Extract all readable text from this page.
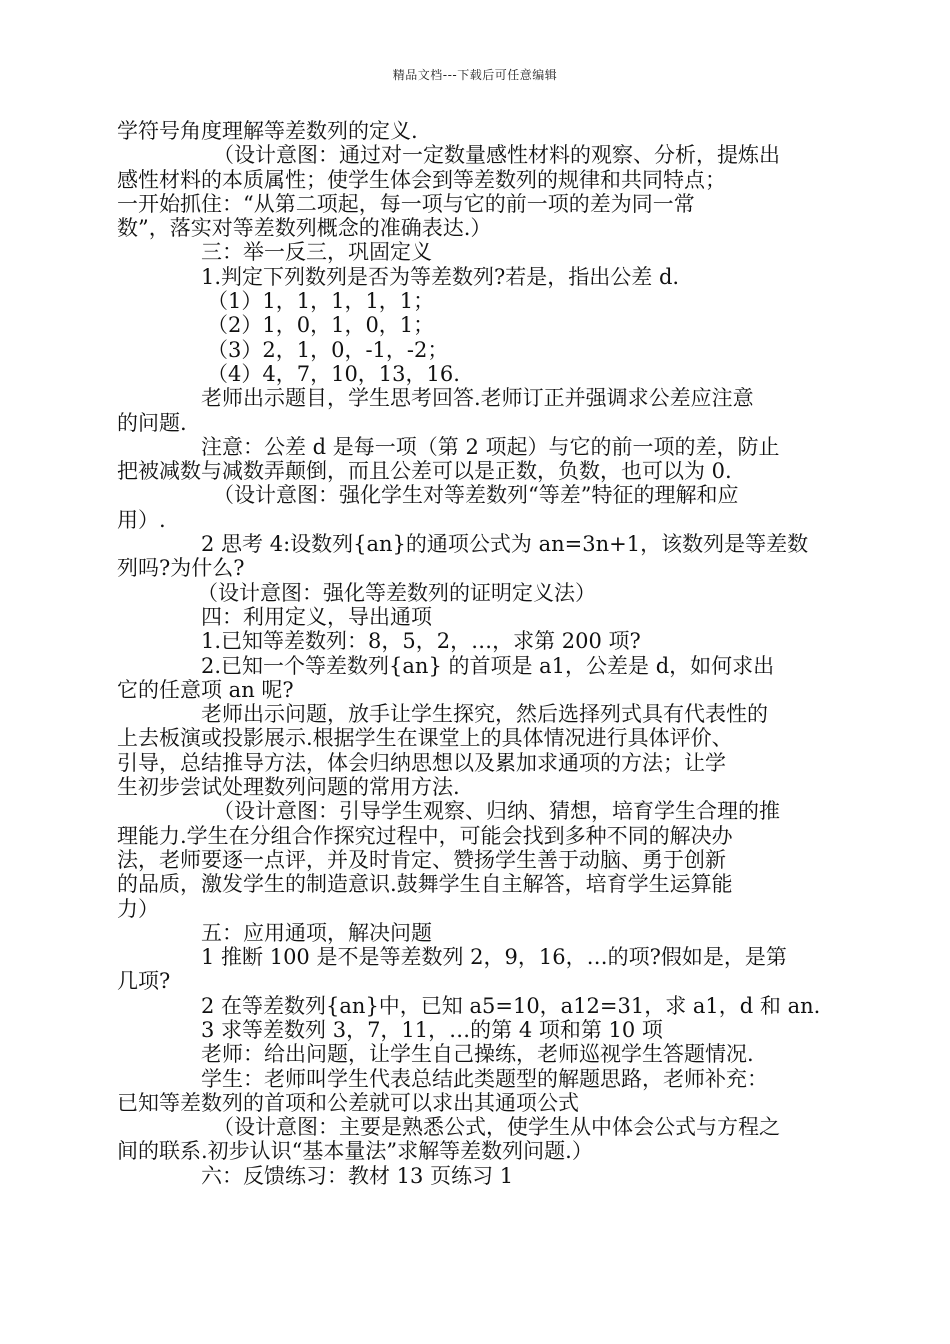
精品文档---下载后可任意编辑

学符号角度理解等差数列的定义.

（设计意图：通过对一定数量感性材料的观察、分析，提炼出

感性材料的本质属性；使学生体会到等差数列的规律和共同特点；

一开始抓住：“从第二项起，每一项与它的前一项的差为同一常

数”，落实对等差数列概念的准确表达.）

三：举一反三，巩固定义

1.判定下列数列是否为等差数列?若是，指出公差 d.

（1）1，1，1，1，1；

（2）1，0，1，0，1；

（3）2，1，0，-1，-2；

（4）4，7，10，13，16.

老师出示题目，学生思考回答.老师订正并强调求公差应注意

的问题.

注意：公差 d 是每一项（第 2 项起）与它的前一项的差，防止

把被减数与减数弄颠倒，而且公差可以是正数，负数，也可以为 0.

（设计意图：强化学生对等差数列“等差”特征的理解和应

用）.

2 思考 4:设数列{an}的通项公式为 an=3n+1，该数列是等差数

列吗?为什么?

（设计意图：强化等差数列的证明定义法）

四：利用定义，导出通项

1.已知等差数列：8，5，2，…，求第 200 项?

2.已知一个等差数列{an} 的首项是 a1，公差是 d，如何求出

它的任意项 an 呢?

老师出示问题，放手让学生探究，然后选择列式具有代表性的

上去板演或投影展示.根据学生在课堂上的具体情况进行具体评价、

引导，总结推导方法，体会归纳思想以及累加求通项的方法；让学

生初步尝试处理数列问题的常用方法.

（设计意图：引导学生观察、归纳、猜想，培育学生合理的推

理能力.学生在分组合作探究过程中，可能会找到多种不同的解决办

法，老师要逐一点评，并及时肯定、赞扬学生善于动脑、勇于创新

的品质，激发学生的制造意识.鼓舞学生自主解答，培育学生运算能

力）

五：应用通项，解决问题

1 推断 100 是不是等差数列 2，9，16，…的项?假如是，是第

几项?

2 在等差数列{an}中，已知 a5=10，a12=31，求 a1，d 和 an.

3 求等差数列 3，7，11，…的第 4 项和第 10 项

老师：给出问题，让学生自己操练，老师巡视学生答题情况.

学生：老师叫学生代表总结此类题型的解题思路，老师补充：

已知等差数列的首项和公差就可以求出其通项公式

（设计意图：主要是熟悉公式，使学生从中体会公式与方程之

间的联系.初步认识“基本量法”求解等差数列问题.）

六：反馈练习：教材 13 页练习 1
